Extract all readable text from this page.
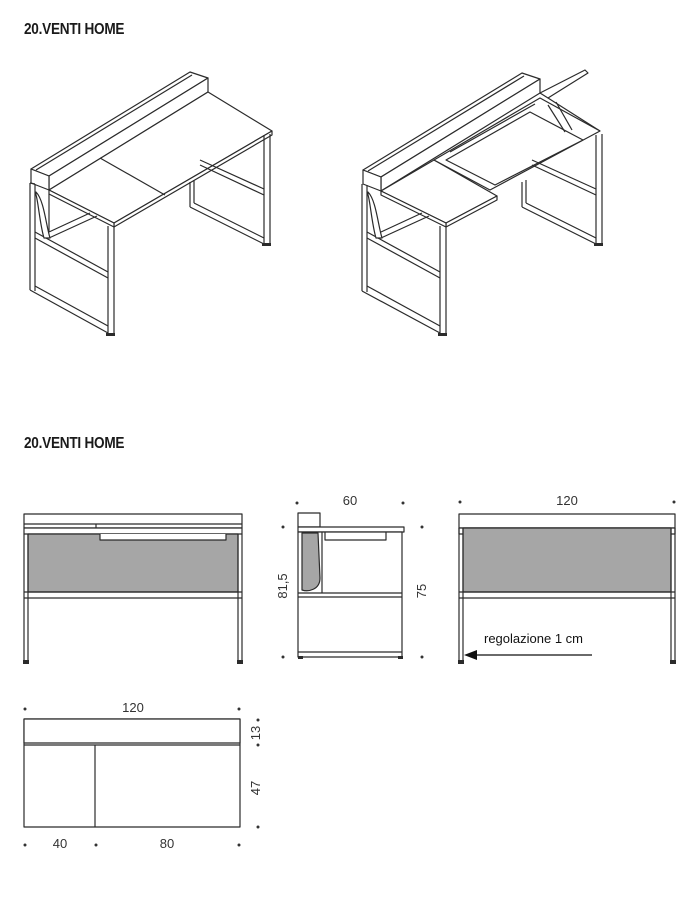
20.VENTI HOME
20.VENTI HOME
60
81,5	75
120
regolazione 1 cm
120
13
47
40	80
